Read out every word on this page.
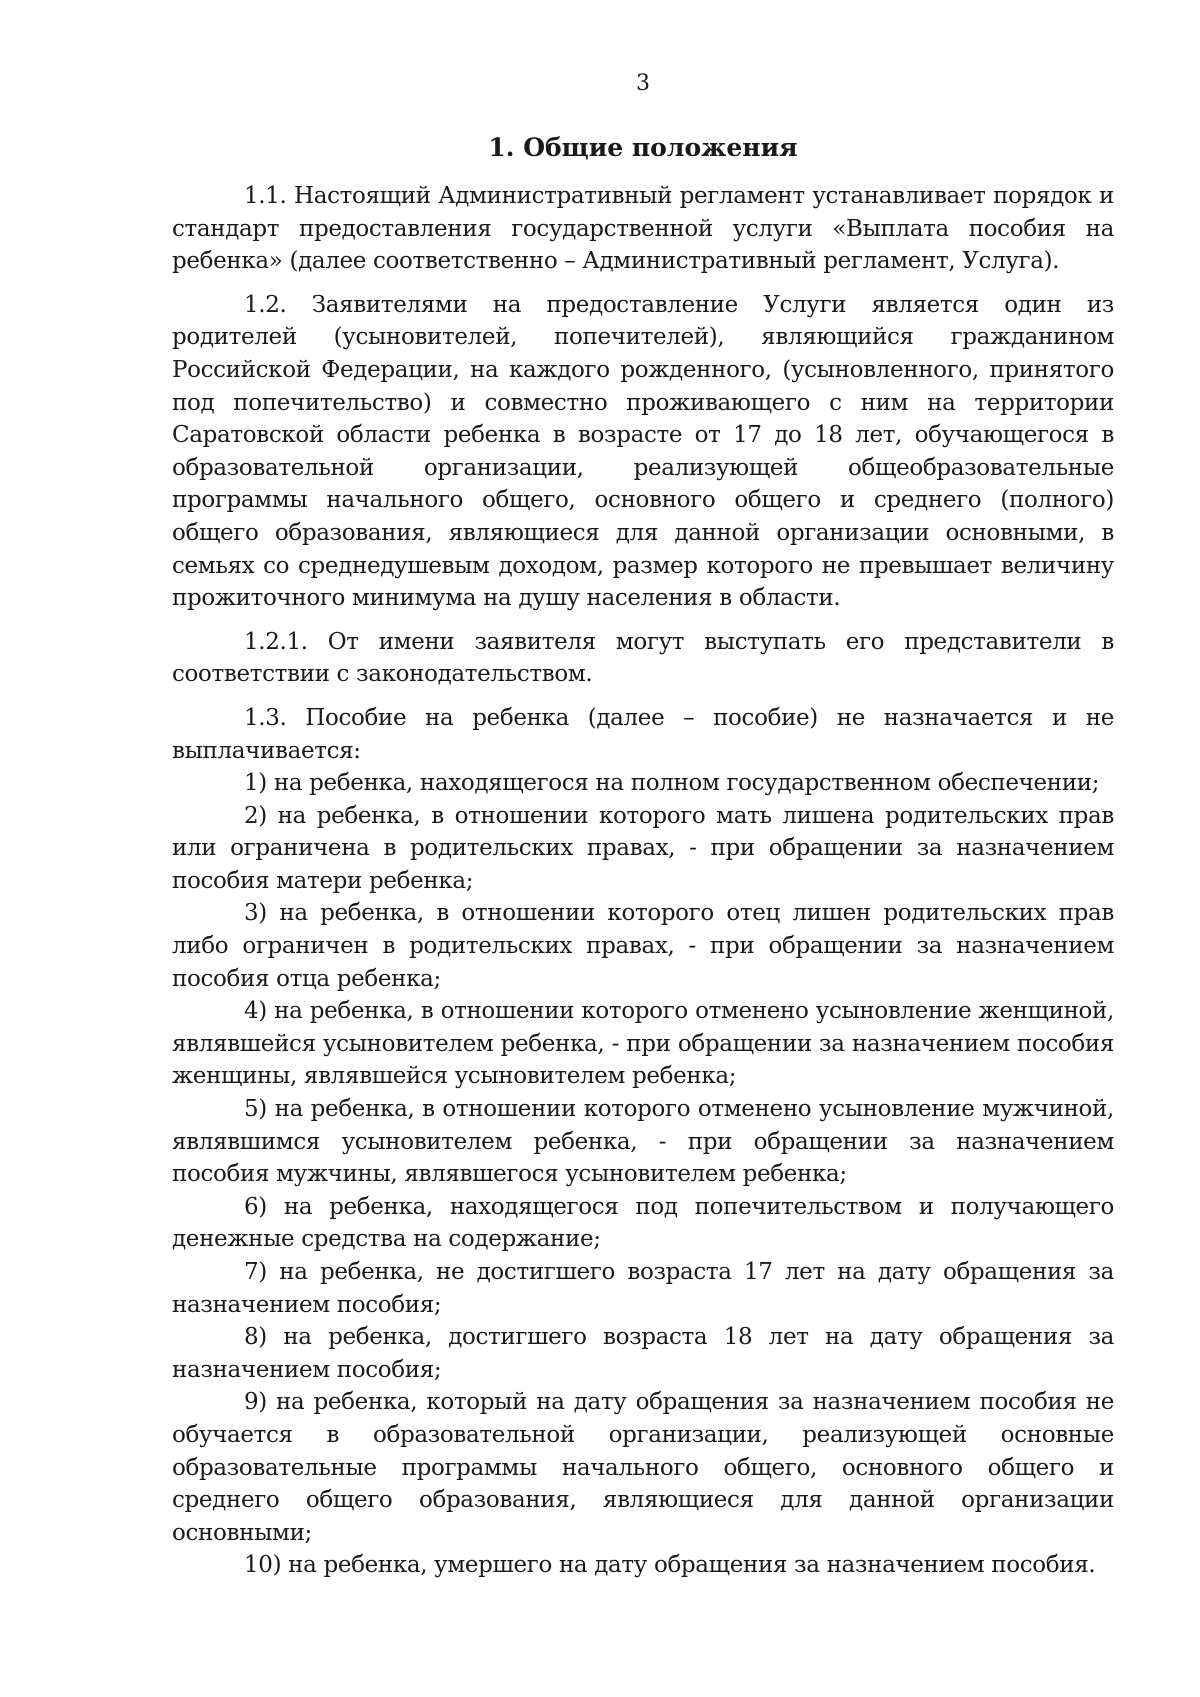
3
1. Общие положения

1.1. Настоящий Административный регламент устанавливает порядок и стандарт предоставления государственной услуги «Выплата пособия на ребенка» (далее соответственно – Административный регламент, Услуга).

1.2. Заявителями на предоставление Услуги является один из родителей (усыновителей, попечителей), являющийся гражданином Российской Федерации, на каждого рожденного, (усыновленного, принятого под попечительство) и совместно проживающего с ним на территории Саратовской области ребенка в возрасте от 17 до 18 лет, обучающегося в образовательной организации, реализующей общеобразовательные программы начального общего, основного общего и среднего (полного) общего образования, являющиеся для данной организации основными, в семьях со среднедушевым доходом, размер которого не превышает величину прожиточного минимума на душу населения в области.

1.2.1. От имени заявителя могут выступать его представители в соответствии с законодательством.

1.3. Пособие на ребенка (далее – пособие) не назначается и не выплачивается:

1) на ребенка, находящегося на полном государственном обеспечении;
2) на ребенка, в отношении которого мать лишена родительских прав или ограничена в родительских правах, - при обращении за назначением пособия матери ребенка;
3) на ребенка, в отношении которого отец лишен родительских прав либо ограничен в родительских правах, - при обращении за назначением пособия отца ребенка;
4) на ребенка, в отношении которого отменено усыновление женщиной, являвшейся усыновителем ребенка, - при обращении за назначением пособия женщины, являвшейся усыновителем ребенка;
5) на ребенка, в отношении которого отменено усыновление мужчиной, являвшимся усыновителем ребенка, - при обращении за назначением пособия мужчины, являвшегося усыновителем ребенка;
6) на ребенка, находящегося под попечительством и получающего денежные средства на содержание;
7) на ребенка, не достигшего возраста 17 лет на дату обращения за назначением пособия;
8) на ребенка, достигшего возраста 18 лет на дату обращения за назначением пособия;
9) на ребенка, который на дату обращения за назначением пособия не обучается в образовательной организации, реализующей основные образовательные программы начального общего, основного общего и среднего общего образования, являющиеся для данной организации основными;
10) на ребенка, умершего на дату обращения за назначением пособия.
